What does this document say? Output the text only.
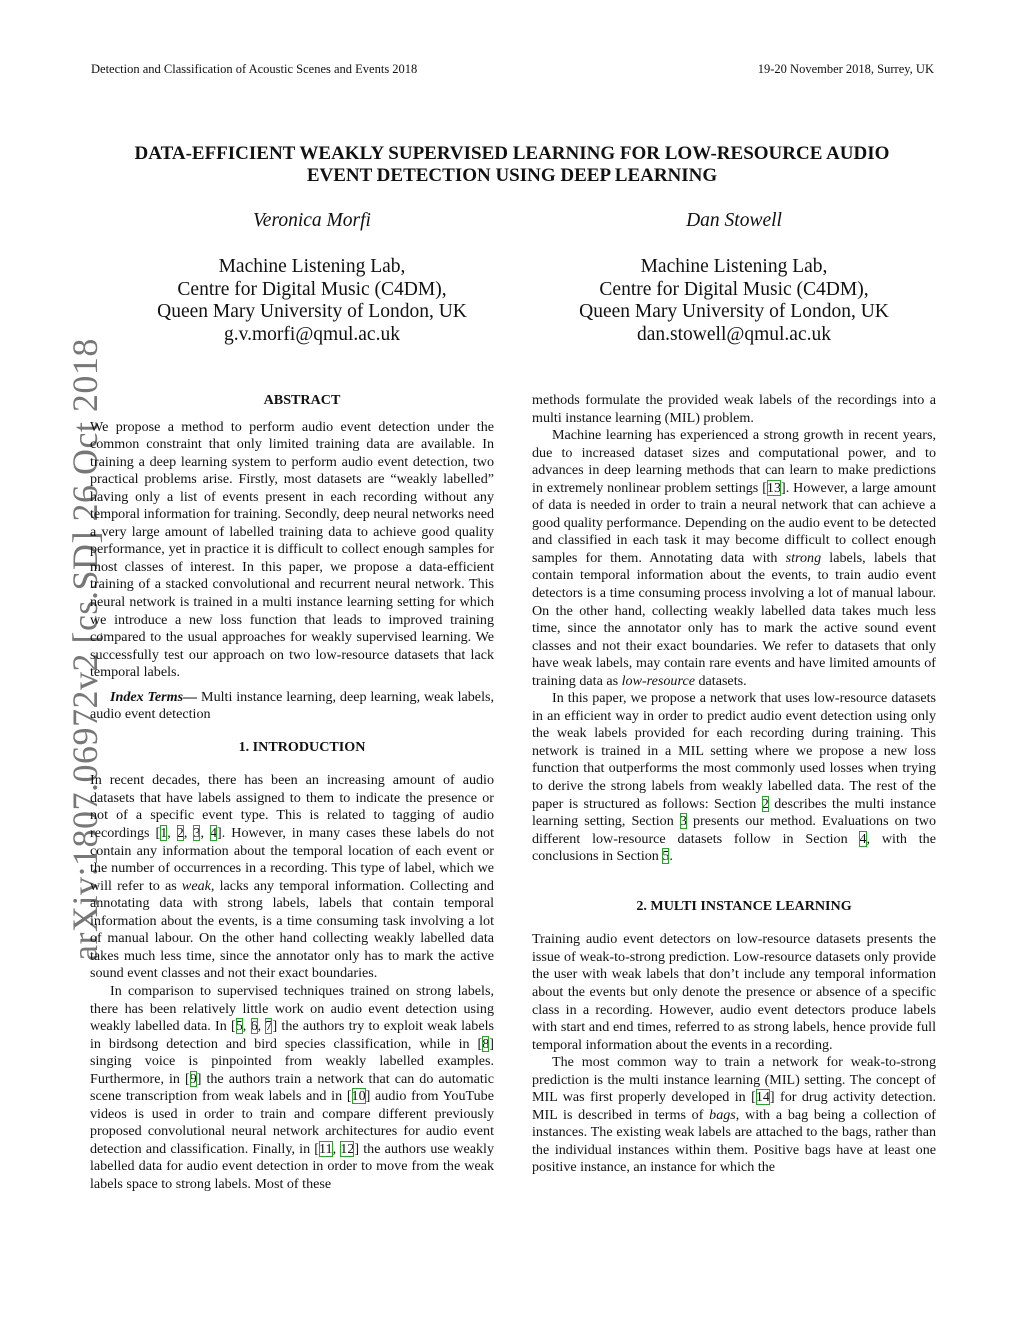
Detection and Classification of Acoustic Scenes and Events 2018	19-20 November 2018, Surrey, UK
arXiv:1807.06972v2 [cs.SD] 26 Oct 2018
DATA-EFFICIENT WEAKLY SUPERVISED LEARNING FOR LOW-RESOURCE AUDIO
EVENT DETECTION USING DEEP LEARNING
Veronica Morfi
Machine Listening Lab,
Centre for Digital Music (C4DM),
Queen Mary University of London, UK
g.v.morfi@qmul.ac.uk
Dan Stowell
Machine Listening Lab,
Centre for Digital Music (C4DM),
Queen Mary University of London, UK
dan.stowell@qmul.ac.uk

ABSTRACT

We propose a method to perform audio event detection under the common constraint that only limited training data are available. In training a deep learning system to perform audio event detection, two practical problems arise. Firstly, most datasets are “weakly labelled” having only a list of events present in each recording without any temporal information for training. Secondly, deep neural networks need a very large amount of labelled training data to achieve good quality performance, yet in practice it is difficult to collect enough samples for most classes of interest. In this paper, we propose a data-efficient training of a stacked convolutional and recurrent neural network. This neural network is trained in a multi instance learning setting for which we introduce a new loss function that leads to improved training compared to the usual approaches for weakly supervised learning. We successfully test our approach on two low-resource datasets that lack temporal labels.

Index Terms— Multi instance learning, deep learning, weak labels, audio event detection

1. INTRODUCTION

In recent decades, there has been an increasing amount of audio datasets that have labels assigned to them to indicate the presence or not of a specific event type. This is related to tagging of audio recordings [1, 2, 3, 4]. However, in many cases these labels do not contain any information about the temporal location of each event or the number of occurrences in a recording. This type of label, which we will refer to as weak, lacks any temporal information. Collecting and annotating data with strong labels, labels that contain temporal information about the events, is a time consuming task involving a lot of manual labour. On the other hand collecting weakly labelled data takes much less time, since the annotator only has to mark the active sound event classes and not their exact boundaries.

In comparison to supervised techniques trained on strong labels, there has been relatively little work on audio event detection using weakly labelled data. In [5, 6, 7] the authors try to exploit weak labels in birdsong detection and bird species classification, while in [8] singing voice is pinpointed from weakly labelled examples. Furthermore, in [9] the authors train a network that can do automatic scene transcription from weak labels and in [10] audio from YouTube videos is used in order to train and compare different previously proposed convolutional neural network architectures for audio event detection and classification. Finally, in [11, 12] the authors use weakly labelled data for audio event detection in order to move from the weak labels space to strong labels. Most of these

methods formulate the provided weak labels of the recordings into a multi instance learning (MIL) problem.

Machine learning has experienced a strong growth in recent years, due to increased dataset sizes and computational power, and to advances in deep learning methods that can learn to make predictions in extremely nonlinear problem settings [13]. However, a large amount of data is needed in order to train a neural network that can achieve a good quality performance. Depending on the audio event to be detected and classified in each task it may become difficult to collect enough samples for them. Annotating data with strong labels, labels that contain temporal information about the events, to train audio event detectors is a time consuming process involving a lot of manual labour. On the other hand, collecting weakly labelled data takes much less time, since the annotator only has to mark the active sound event classes and not their exact boundaries. We refer to datasets that only have weak labels, may contain rare events and have limited amounts of training data as low-resource datasets.

In this paper, we propose a network that uses low-resource datasets in an efficient way in order to predict audio event detection using only the weak labels provided for each recording during training. This network is trained in a MIL setting where we propose a new loss function that outperforms the most commonly used losses when trying to derive the strong labels from weakly labelled data. The rest of the paper is structured as follows: Section 2 describes the multi instance learning setting, Section 3 presents our method. Evaluations on two different low-resource datasets follow in Section 4, with the conclusions in Section 5.

2. MULTI INSTANCE LEARNING

Training audio event detectors on low-resource datasets presents the issue of weak-to-strong prediction. Low-resource datasets only provide the user with weak labels that don’t include any temporal information about the events but only denote the presence or absence of a specific class in a recording. However, audio event detectors produce labels with start and end times, referred to as strong labels, hence provide full temporal information about the events in a recording.

The most common way to train a network for weak-to-strong prediction is the multi instance learning (MIL) setting. The concept of MIL was first properly developed in [14] for drug activity detection. MIL is described in terms of bags, with a bag being a collection of instances. The existing weak labels are attached to the bags, rather than the individual instances within them. Positive bags have at least one positive instance, an instance for which the
